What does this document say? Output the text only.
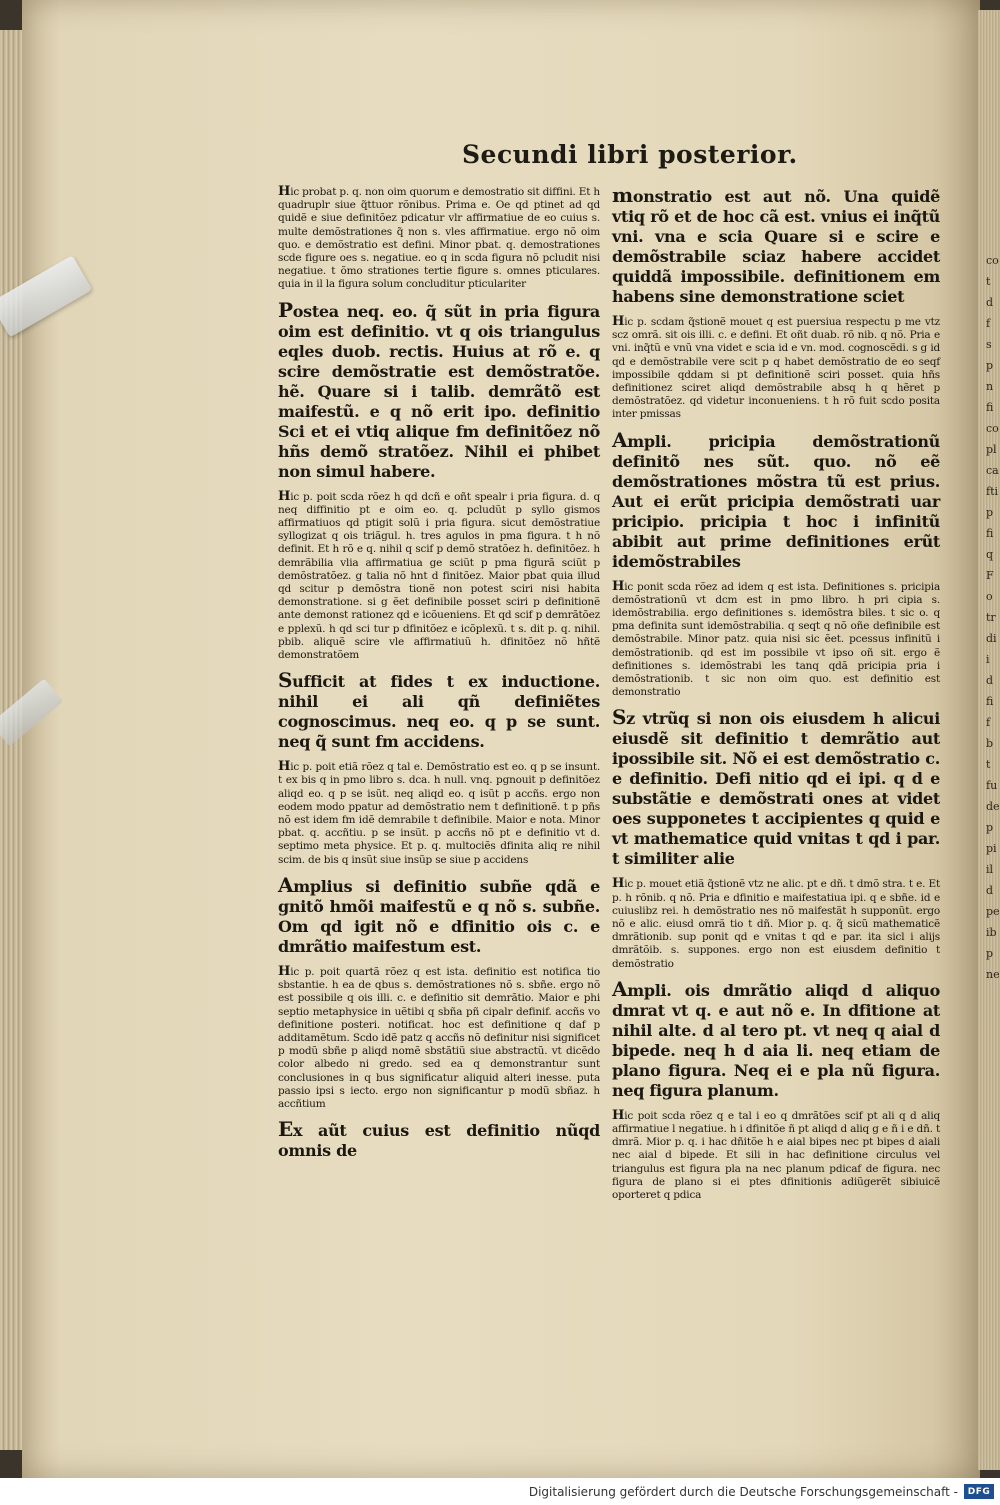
Secundi libri posterior.

Hic probat p. q. non oim quorum e demostratio sit diffini. Et h quadruplr siue q̃ttuor rõnibus. Prima e. Oe qd ptinet ad qd quidẽ e siue definitõez pdicatur vlr affirmatiue de eo cuius s. multe demõstrationes q̃ non s. vles affirmatiue. ergo nõ oim quo. e demõstratio est defini. Minor pbat. q. demostrationes scde figure oes s. negatiue. eo q in scda figura nõ pcludit nisi negatiue. t õmo strationes tertie figure s. omnes pticulares. quia in il la figura solum concluditur pticulariter

Postea neq. eo. q̃ sũt in pria figura oim est definitio. vt q ois triangulus eqles duob. rectis. Huius at rõ e. q scire demõstratie est demõstratõe. hẽ. Quare si i talib. demrãtõ est maifestũ. e q nõ erit ipo. definitio Sci et ei vtiq alique fm definitõez nõ hñs demõ stratõez. Nihil ei phibet non simul habere.

Hic p. poit scda rõez h qd dcñ e oñt spealr i pria figura. d. q neq diffinitio pt e oim eo. q. pcludũt p syllo gismos affirmatiuos qd ptigit solũ i pria figura. sicut demõstratiue syllogizat q ois triãgul. h. tres agulos in pma figura. t h nõ definit. Et h rõ e q. nihil q scif p demõ stratõez h. definitõez. h demrãbilia vlia affirmatiua ge sciũt p pma figurã sciũt p demõstratõez. g talia nõ hnt d finitõez. Maior pbat quia illud qd scitur p demõstra tionẽ non potest sciri nisi habita demonstratione. si g ẽet definibile posset sciri p definitionẽ ante demonst rationez qd e icõueniens. Et qd scif p demrãtõez e pplexũ. h qd sci tur p dfinitõez e icõplexũ. t s. dit p. q. nihil. pbib. aliquẽ scire vle affirmatiuũ h. dfinitõez nõ hñtẽ demonstratõem

Sufficit at fides t ex inductione. nihil ei ali qñ definiẽtes cognoscimus. neq eo. q p se sunt. neq q̃ sunt fm accidens.

Hic p. poit etiã rõez q tal e. Demõstratio est eo. q p se insunt. t ex bis q in pmo libro s. dca. h null. vnq. pgnouit p definitõez aliqd eo. q p se isũt. neq aliqd eo. q isũt p accñs. ergo non eodem modo ppatur ad demõstratio nem t definitionẽ. t p pñs nõ est idem fm idẽ demrabile t definibile. Maior e nota. Minor pbat. q. accñtiu. p se insũt. p accñs nõ pt e definitio vt d. septimo meta physice. Et p. q. multociẽs dfinita aliq re nihil scim. de bis q insũt siue insũp se siue p accidens

Amplius si definitio subñe qdã e gnitõ hmõi maifestũ e q nõ s. subñe. Om qd igit nõ e dfinitio ois c. e dmrãtio maifestum est.

Hic p. poit quartã rõez q est ista. definitio est notifica tio sbstantie. h ea de qbus s. demõstrationes nõ s. sbñe. ergo nõ est possibile q ois illi. c. e definitio sit demrãtio. Maior e phi septio metaphysice in uẽtibi q sbña pñ cipalr definif. accñs vo definitione posteri. notificat. hoc est definitione q daf p additamẽtum. Scdo idẽ patz q accñs nõ definitur nisi significet p modũ sbñe p aliqd nomẽ sbstãtiũ siue abstractũ. vt dicẽdo color albedo ni gredo. sed ea q demonstrantur sunt conclusiones in q bus significatur aliquid alteri inesse. puta passio ipsi s iecto. ergo non significantur p modũ sbñaz. h accñtium

Ex aũt cuius est definitio nũqd omnis de

monstratio est aut nõ. Una quidẽ vtiq rõ et de hoc cã est. vnius ei inq̃tũ vni. vna e scia Quare si e scire e demõstrabile sciaz habere accidet quiddã impossibile. definitionem em habens sine demonstratione sciet

Hic p. scdam q̃stionẽ mouet q est puersiua respectu p me vtz scz omrã. sit ois illi. c. e defini. Et oñt duab. rõ nib. q nõ. Pria e vni. inq̃tũ e vnũ vna videt e scia id e vn. mod. cognoscẽdi. s g id qd e demõstrabile vere scit p q habet demõstratio de eo seqf impossibile qddam si pt definitionẽ sciri posset. quia hñs definitionez sciret aliqd demõstrabile absq h q hẽret p demõstratõez. qd videtur inconueniens. t h rõ fuit scdo posita inter pmissas

Ampli. pricipia demõstrationũ definitõ nes sũt. quo. nõ eẽ demõstrationes mõstra tũ est prius. Aut ei erũt pricipia demõstrati uar pricipio. pricipia t hoc i infinitũ abibit aut prime definitiones erũt idemõstrabiles

Hic ponit scda rõez ad idem q est ista. Definitiones s. pricipia demõstrationũ vt dcm est in pmo libro. h pri cipia s. idemõstrabilia. ergo definitiones s. idemõstra biles. t sic o. q pma definita sunt idemõstrabilia. q seqt q nõ oñe definibile est demõstrabile. Minor patz. quia nisi sic ẽet. pcessus infinitũ i demõstrationib. qd est im possibile vt ipso oñ sit. ergo ẽ definitiones s. idemõstrabi les tanq qdã pricipia pria i demõstrationib. t sic non oim quo. est definitio est demonstratio

Sz vtrũq si non ois eiusdem h alicui eiusdẽ sit definitio t demrãtio aut ipossibile sit. Nõ ei est demõstratio c. e definitio. Defi nitio qd ei ipi. q d e substãtie e demõstrati ones at videt oes supponetes t accipientes q quid e vt mathematice quid vnitas t qd i par. t similiter alie

Hic p. mouet etiã q̃stionẽ vtz ne alic. pt e dñ. t dmõ stra. t e. Et p. h rõnib. q nõ. Pria e dfinitio e maifestatiua ipi. q e sbñe. id e cuiuslibz rei. h demõstratio nes nõ maifestãt h supponũt. ergo nõ e alic. eiusd omrã tio t dñ. Mior p. q. q̃ sicũ mathematicẽ dmrãtionib. sup ponit qd e vnitas t qd e par. ita sicl i alijs dmrãtõib. s. suppones. ergo non est eiusdem definitio t demõstratio

Ampli. ois dmrãtio aliqd d aliquo dmrat vt q. e aut nõ e. In dfitione at nihil alte. d al tero pt. vt neq q aial d bipede. neq h d aia li. neq etiam de plano figura. Neq ei e pla nũ figura. neq figura planum.

Hic poit scda rõez q e tal i eo q dmrãtões scif pt ali q d aliq affirmatiue l negatiue. h i dfinitõe ñ pt aliqd d aliq g e ñ i e dñ. t dmrã. Mior p. q. i hac dñitõe h e aial bipes nec pt bipes d aiali nec aial d bipede. Et sili in hac definitione circulus vel triangulus est figura pla na nec planum pdicaf de figura. nec figura de plano si ei ptes dfinitionis adiũgerẽt sibiuicẽ oporteret q pdica

co
t
d
f
s
p
n
fi
co
pl
ca
fti
p
fi
q
F
o
tr
di
i
d
fi
f
b
t
fu
de
p
pi
il
d
pe
ib
p
ne
Digitalisierung gefördert durch die Deutsche Forschungsgemeinschaft -	DFG
